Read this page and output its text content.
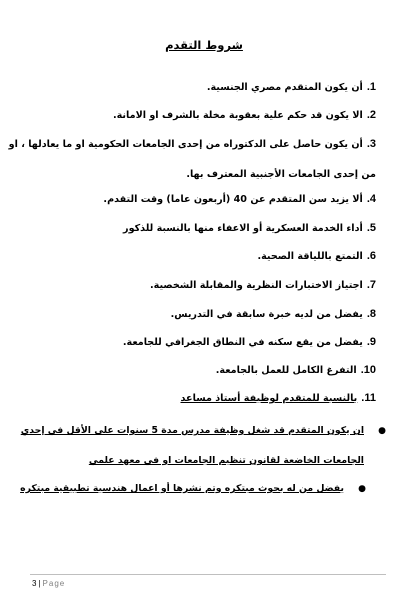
شروط التقدم
1.أن يكون المتقدم مصري الجنسية.
2.الا يكون قد حكم علية بعقوبة مخلة بالشرف او الامانة.
3.أن يكون حاصل على الدكتوراه من إحدى الجامعات الحكومية او ما يعادلها ، او من إحدى الجامعات الأجنبية المعترف بها.
4.ألا يزيد سن المتقدم عن 40 (أربعون عاما) وقت التقدم.
5.أداء الخدمة العسكرية أو الاعفاء منها بالنسبة للذكور
6.التمتع باللياقة الصحية.
7.اجتياز الاختبارات النظرية والمقابلة الشخصية.
8.يفضل من لديه خبرة سابقة في التدريس.
9.يفضل من يقع سكنه في النطاق الجغرافي للجامعة.
10.التفرغ الكامل للعمل بالجامعة.
11.بالنسبة للمتقدم لوظيفة أستاذ مساعد
●
ان يكون المتقدم قد شغل وظيفة مدرس مدة 5 سنوات على الأقل في إحدي الجامعات الخاضعة لقانون تنظيم الجامعات او في معهد علمي
●
يفضل من له بحوث مبتكره وتم نشرها أو اعمال هندسية تطبيقية مبتكره
3 | Page
